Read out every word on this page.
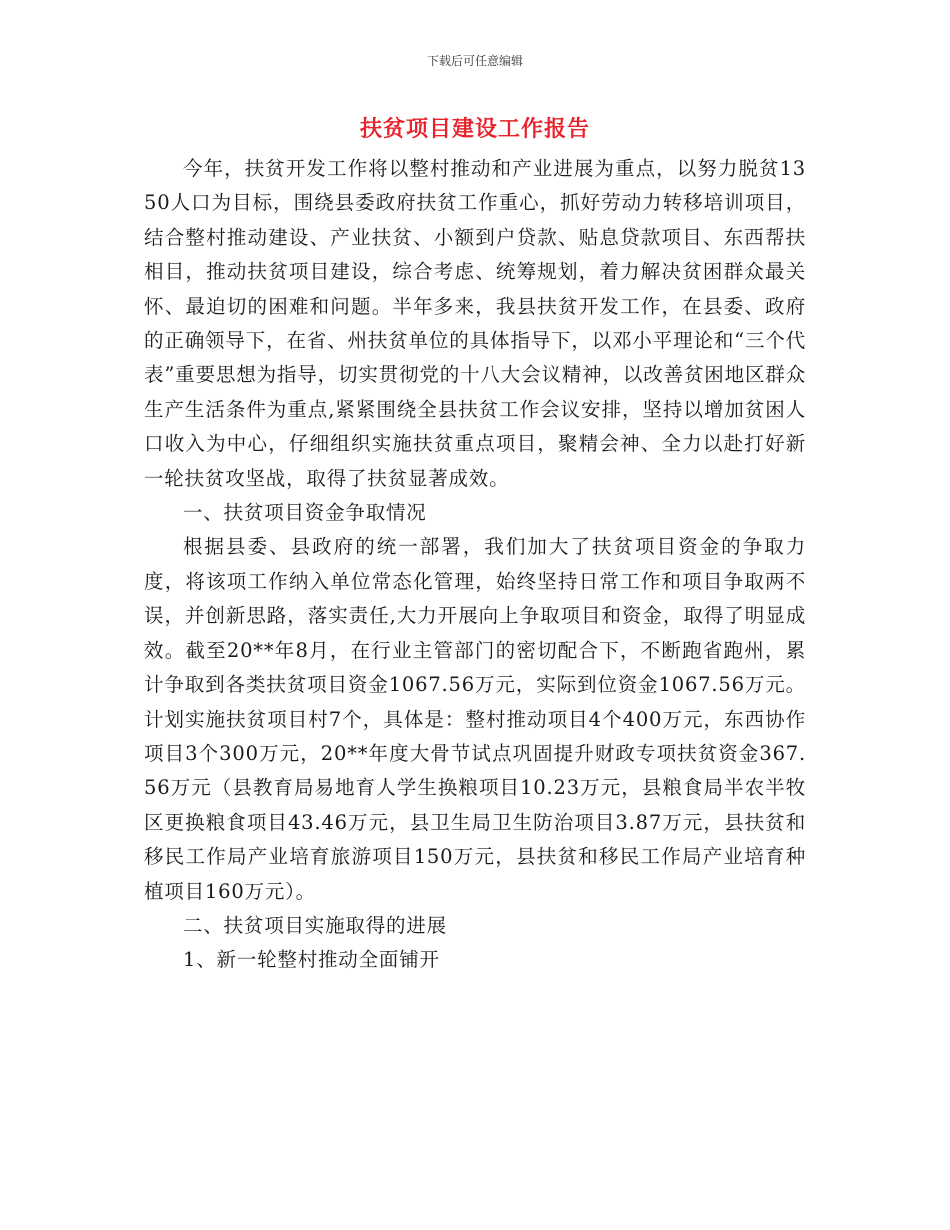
下载后可任意编辑
扶贫项目建设工作报告

今年，扶贫开发工作将以整村推动和产业进展为重点，以努力脱贫1350人口为目标，围绕县委政府扶贫工作重心，抓好劳动力转移培训项目，结合整村推动建设、产业扶贫、小额到户贷款、贴息贷款项目、东西帮扶相目，推动扶贫项目建设，综合考虑、统筹规划，着力解决贫困群众最关怀、最迫切的困难和问题。半年多来，我县扶贫开发工作，在县委、政府的正确领导下，在省、州扶贫单位的具体指导下，以邓小平理论和“三个代表”重要思想为指导，切实贯彻党的十八大会议精神，以改善贫困地区群众生产生活条件为重点,紧紧围绕全县扶贫工作会议安排，坚持以增加贫困人口收入为中心，仔细组织实施扶贫重点项目，聚精会神、全力以赴打好新一轮扶贫攻坚战，取得了扶贫显著成效。

一、扶贫项目资金争取情况

根据县委、县政府的统一部署，我们加大了扶贫项目资金的争取力度，将该项工作纳入单位常态化管理，始终坚持日常工作和项目争取两不误，并创新思路，落实责任,大力开展向上争取项目和资金，取得了明显成效。截至20**年8月，在行业主管部门的密切配合下，不断跑省跑州，累计争取到各类扶贫项目资金1067.56万元，实际到位资金1067.56万元。计划实施扶贫项目村7个，具体是：整村推动项目4个400万元，东西协作项目3个300万元，20**年度大骨节试点巩固提升财政专项扶贫资金367.56万元（县教育局易地育人学生换粮项目10.23万元，县粮食局半农半牧区更换粮食项目43.46万元，县卫生局卫生防治项目3.87万元，县扶贫和移民工作局产业培育旅游项目150万元，县扶贫和移民工作局产业培育种植项目160万元）。

二、扶贫项目实施取得的进展

1、新一轮整村推动全面铺开
